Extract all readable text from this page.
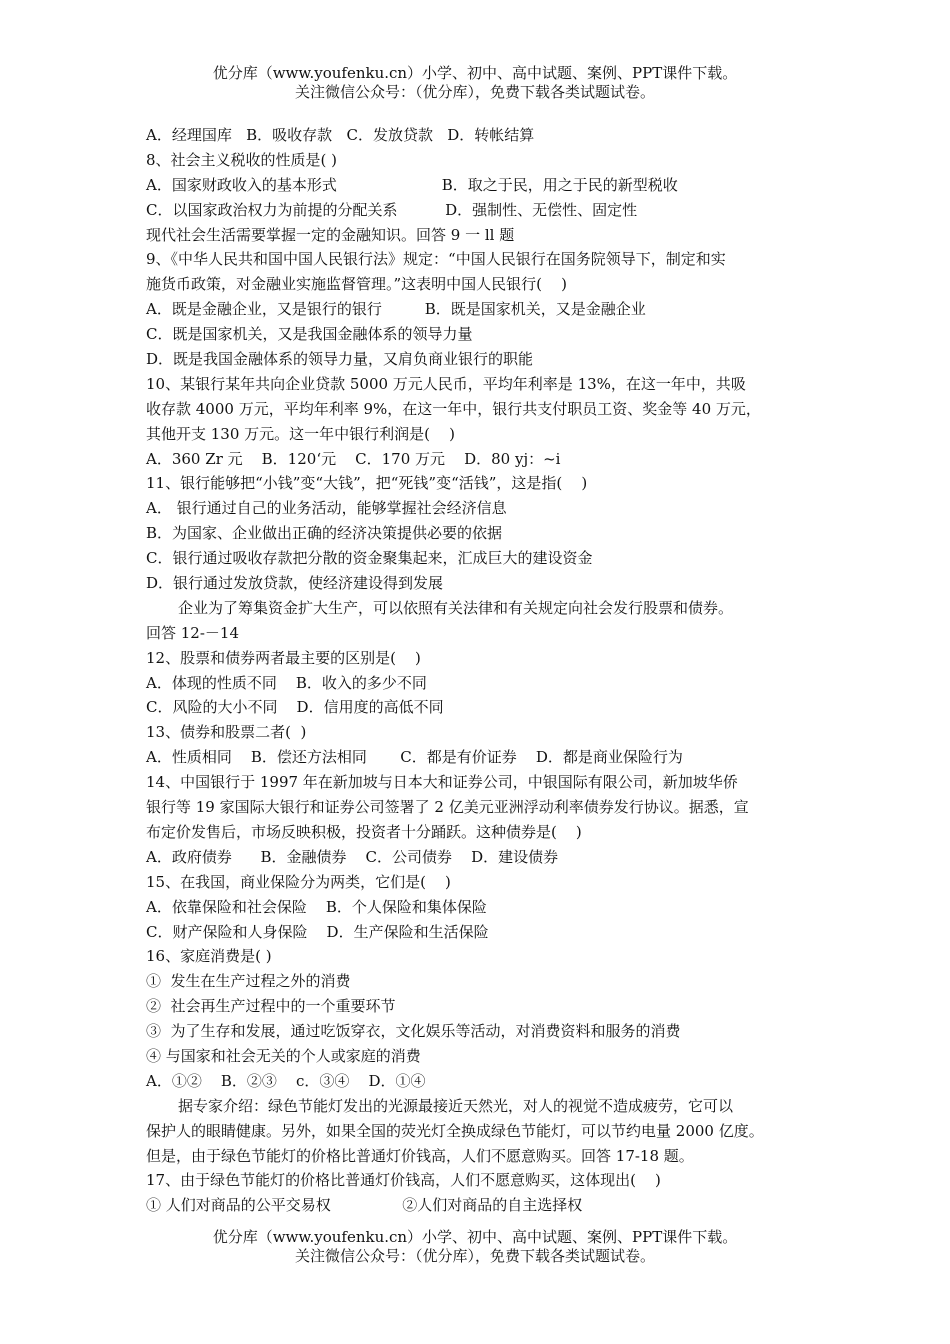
优分库（www.youfenku.cn）小学、初中、高中试题、案例、PPT课件下载。
关注微信公众号：（优分库），免费下载各类试题试卷。
A．经理国库   B．吸收存款   C．发放贷款   D．转帐结算
8、社会主义税收的性质是( )
A．国家财政收入的基本形式                      B．取之于民，用之于民的新型税收
C．以国家政治权力为前提的分配关系          D．强制性、无偿性、固定性
现代社会生活需要掌握一定的金融知识。回答 9 一 ll 题
9、《中华人民共和国中国人民银行法》规定：“中国人民银行在国务院领导下，制定和实
施货币政策，对金融业实施监督管理。”这表明中国人民银行(    )
A．既是金融企业，又是银行的银行         B．既是国家机关，又是金融企业
C．既是国家机关，又是我国金融体系的领导力量
D．既是我国金融体系的领导力量，又肩负商业银行的职能
10、某银行某年共向企业贷款 5000 万元人民币，平均年利率是 13%，在这一年中，共吸
收存款 4000 万元，平均年利率 9%，在这一年中，银行共支付职员工资、奖金等 40 万元，
其他开支 130 万元。这一年中银行利润是(    )
A．360 Zr 元    B．120‘元    C．170 万元    D．80 yj：~i
11、银行能够把“小钱”变“大钱”，把“死钱”变“活钱”，这是指(    )
A． 银行通过自己的业务活动，能够掌握社会经济信息
B．为国家、企业做出正确的经济决策提供必要的依据
C．银行通过吸收存款把分散的资金聚集起来，汇成巨大的建设资金
D．银行通过发放贷款，使经济建设得到发展
企业为了筹集资金扩大生产，可以依照有关法律和有关规定向社会发行股票和债券。
回答 12-－14
12、股票和债券两者最主要的区别是(    )
A．体现的性质不同    B．收入的多少不同
C．风险的大小不同    D．信用度的高低不同
13、债券和股票二者(  )
A．性质相同    B．偿还方法相同       C．都是有价证券    D．都是商业保险行为
14、中国银行于 1997 年在新加坡与日本大和证券公司，中银国际有限公司，新加坡华侨
银行等 19 家国际大银行和证券公司签署了 2 亿美元亚洲浮动利率债券发行协议。据悉，宣
布定价发售后，市场反映积极，投资者十分踊跃。这种债券是(    )
A．政府债券      B．金融债券    C．公司债券    D．建设债券
15、在我国，商业保险分为两类，它们是(    )
A．依靠保险和社会保险    B．个人保险和集体保险
C．财产保险和人身保险    D．生产保险和生活保险
16、家庭消费是( )
①  发生在生产过程之外的消费
②  社会再生产过程中的一个重要环节
③  为了生存和发展，通过吃饭穿衣，文化娱乐等活动，对消费资料和服务的消费
④ 与国家和社会无关的个人或家庭的消费
A．①②    B．②③    c．③④    D．①④
据专家介绍：绿色节能灯发出的光源最接近天然光，对人的视觉不造成疲劳，它可以
保护人的眼睛健康。另外，如果全国的荧光灯全换成绿色节能灯，可以节约电量 2000 亿度。
但是，由于绿色节能灯的价格比普通灯价钱高，人们不愿意购买。回答 17-18 题。
17、由于绿色节能灯的价格比普通灯价钱高，人们不愿意购买，这体现出(    )
① 人们对商品的公平交易权               ②人们对商品的自主选择权
优分库（www.youfenku.cn）小学、初中、高中试题、案例、PPT课件下载。
关注微信公众号：（优分库），免费下载各类试题试卷。
